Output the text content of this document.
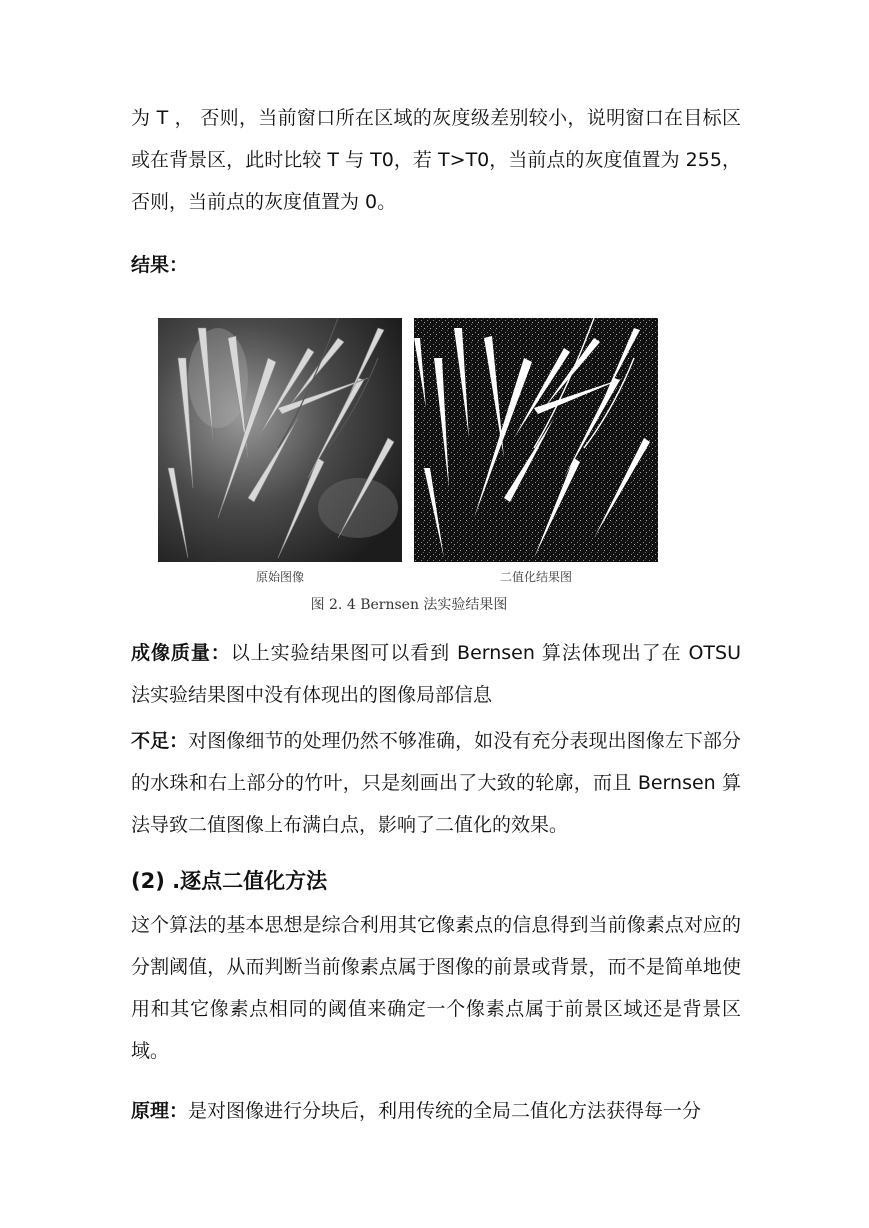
为 T ， 否则，当前窗口所在区域的灰度级差别较小，说明窗口在目标区或在背景区，此时比较 T 与 T0，若 T>T0，当前点的灰度值置为 255，否则，当前点的灰度值置为 0。

结果：

原始图像	二值化结果图
图 2. 4 Bernsen 法实验结果图

成像质量：以上实验结果图可以看到 Bernsen 算法体现出了在 OTSU 法实验结果图中没有体现出的图像局部信息

不足：对图像细节的处理仍然不够准确，如没有充分表现出图像左下部分的水珠和右上部分的竹叶，只是刻画出了大致的轮廓，而且 Bernsen 算法导致二值图像上布满白点，影响了二值化的效果。

(2) .逐点二值化方法

这个算法的基本思想是综合利用其它像素点的信息得到当前像素点对应的分割阈值，从而判断当前像素点属于图像的前景或背景，而不是简单地使用和其它像素点相同的阈值来确定一个像素点属于前景区域还是背景区域。

原理：是对图像进行分块后，利用传统的全局二值化方法获得每一分
